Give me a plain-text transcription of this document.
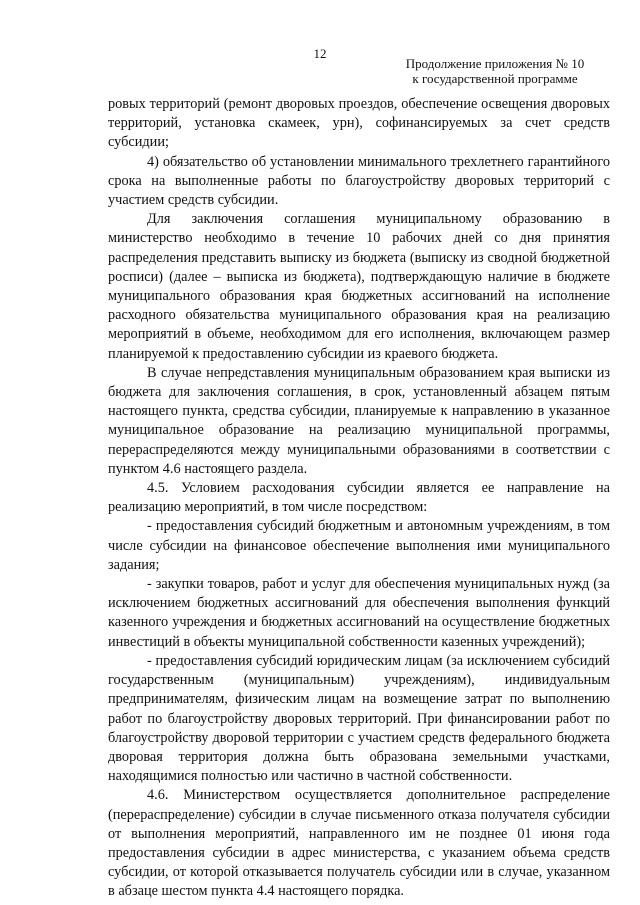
12
Продолжение приложения № 10
к государственной программе

ровых территорий (ремонт дворовых проездов, обеспечение освещения дворовых территорий, установка скамеек, урн), софинансируемых за счет средств субсидии;

4) обязательство об установлении минимального трехлетнего гарантийного срока на выполненные работы по благоустройству дворовых территорий с участием средств субсидии.

Для заключения соглашения муниципальному образованию в министерство необходимо в течение 10 рабочих дней со дня принятия распределения представить выписку из бюджета (выписку из сводной бюджетной росписи) (далее – выписка из бюджета), подтверждающую наличие в бюджете муниципального образования края бюджетных ассигнований на исполнение расходного обязательства муниципального образования края на реализацию мероприятий в объеме, необходимом для его исполнения, включающем размер планируемой к предоставлению субсидии из краевого бюджета.

В случае непредставления муниципальным образованием края выписки из бюджета для заключения соглашения, в срок, установленный абзацем пятым настоящего пункта, средства субсидии, планируемые к направлению в указанное муниципальное образование на реализацию муниципальной программы, перераспределяются между муниципальными образованиями в соответствии с пунктом 4.6 настоящего раздела.

4.5. Условием расходования субсидии является ее направление на реализацию мероприятий, в том числе посредством:

- предоставления субсидий бюджетным и автономным учреждениям, в том числе субсидии на финансовое обеспечение выполнения ими муниципального задания;

- закупки товаров, работ и услуг для обеспечения муниципальных нужд (за исключением бюджетных ассигнований для обеспечения выполнения функций казенного учреждения и бюджетных ассигнований на осуществление бюджетных инвестиций в объекты муниципальной собственности казенных учреждений);

- предоставления субсидий юридическим лицам (за исключением субсидий государственным (муниципальным) учреждениям), индивидуальным предпринимателям, физическим лицам на возмещение затрат по выполнению работ по благоустройству дворовых территорий. При финансировании работ по благоустройству дворовой территории с участием средств федерального бюджета дворовая территория должна быть образована земельными участками, находящимися полностью или частично в частной собственности.

4.6. Министерством осуществляется дополнительное распределение (перераспределение) субсидии в случае письменного отказа получателя субсидии от выполнения мероприятий, направленного им не позднее 01 июня года предоставления субсидии в адрес министерства, с указанием объема средств субсидии, от которой отказывается получатель субсидии или в случае, указанном в абзаце шестом пункта 4.4 настоящего порядка.
